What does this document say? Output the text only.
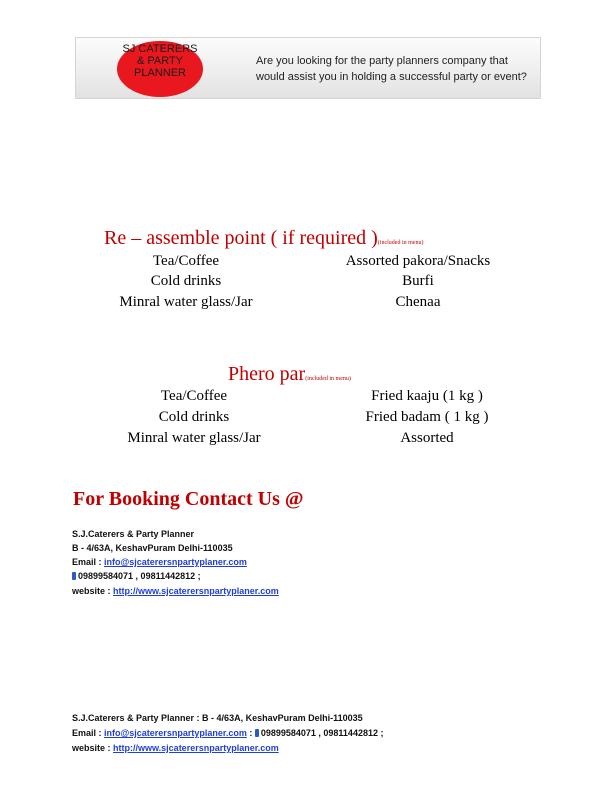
SJ CATERERS
& PARTY
PLANNER
Are you looking for the party planners company that would assist you in holding a successful party or event?
Re – assemble point ( if required )(included in menu)
Tea/Coffee
Cold drinks
Minral water glass/Jar
Assorted pakora/Snacks
Burfi
Chenaa
Phero par(included in menu)
Tea/Coffee
Cold drinks
Minral water glass/Jar
Fried kaaju (1 kg )
Fried badam ( 1 kg )
Assorted
For Booking Contact Us @
S.J.Caterers & Party Planner
B - 4/63A, KeshavPuram Delhi-110035
Email : info@sjcaterersnpartyplaner.com
09899584071 , 09811442812 ;
website : http://www.sjcaterersnpartyplaner.com
S.J.Caterers & Party Planner : B - 4/63A, KeshavPuram Delhi-110035
Email : info@sjcaterersnpartyplaner.com : 09899584071 , 09811442812 ;
website : http://www.sjcaterersnpartyplaner.com
